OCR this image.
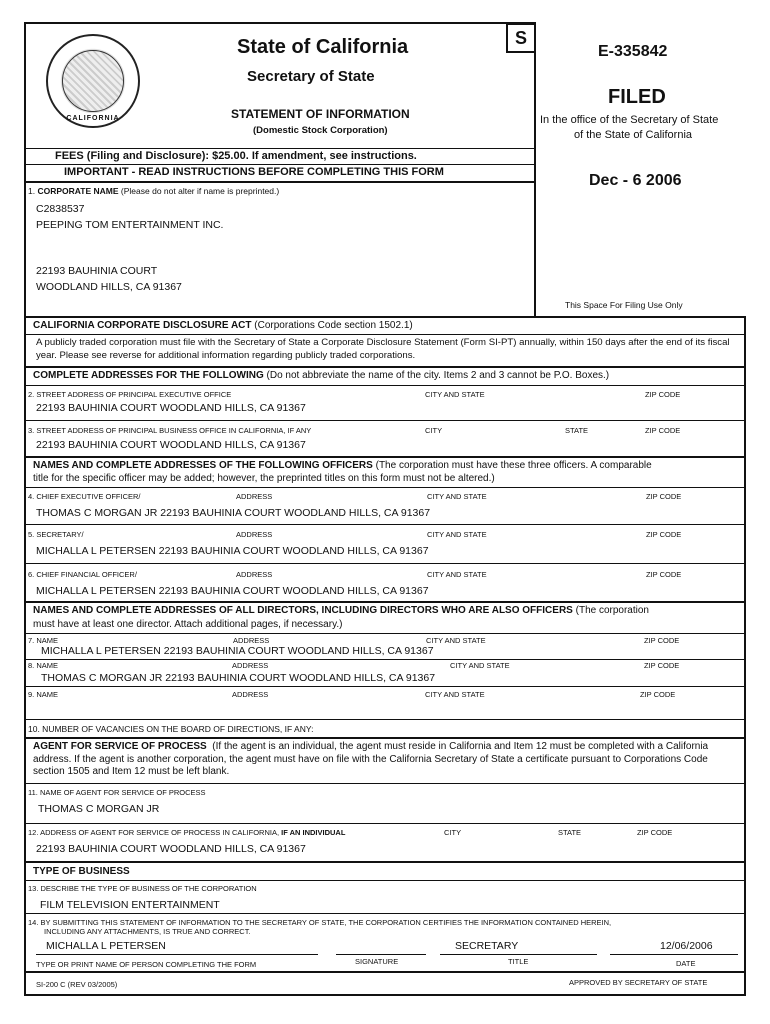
CALIFORNIA
State of California
Secretary of State
STATEMENT OF INFORMATION
(Domestic Stock Corporation)
S
E-335842
FILED
In the office of the Secretary of State
of the State of California
Dec - 6 2006
This Space For Filing Use Only
FEES (Filing and Disclosure): $25.00. If amendment, see instructions.
IMPORTANT - READ INSTRUCTIONS BEFORE COMPLETING THIS FORM
1. CORPORATE NAME (Please do not alter if name is preprinted.)
C2838537
PEEPING TOM ENTERTAINMENT INC.
22193 BAUHINIA COURT
WOODLAND HILLS, CA 91367
CALIFORNIA CORPORATE DISCLOSURE ACT (Corporations Code section 1502.1)
A publicly traded corporation must file with the Secretary of State a Corporate Disclosure Statement (Form SI-PT) annually, within 150 days after the end of its fiscal year. Please see reverse for additional information regarding publicly traded corporations.
COMPLETE ADDRESSES FOR THE FOLLOWING (Do not abbreviate the name of the city. Items 2 and 3 cannot be P.O. Boxes.)
2. STREET ADDRESS OF PRINCIPAL EXECUTIVE OFFICE	CITY AND STATE	ZIP CODE
22193 BAUHINIA COURT WOODLAND HILLS, CA 91367
3. STREET ADDRESS OF PRINCIPAL BUSINESS OFFICE IN CALIFORNIA, IF ANY	CITY	STATE	ZIP CODE
22193 BAUHINIA COURT WOODLAND HILLS, CA 91367
NAMES AND COMPLETE ADDRESSES OF THE FOLLOWING OFFICERS (The corporation must have these three officers. A comparable
title for the specific officer may be added; however, the preprinted titles on this form must not be altered.)
4. CHIEF EXECUTIVE OFFICER/	ADDRESS	CITY AND STATE	ZIP CODE
THOMAS C MORGAN JR 22193 BAUHINIA COURT WOODLAND HILLS, CA 91367
5. SECRETARY/	ADDRESS	CITY AND STATE	ZIP CODE
MICHALLA L PETERSEN 22193 BAUHINIA COURT WOODLAND HILLS, CA 91367
6. CHIEF FINANCIAL OFFICER/	ADDRESS	CITY AND STATE	ZIP CODE
MICHALLA L PETERSEN 22193 BAUHINIA COURT WOODLAND HILLS, CA 91367
NAMES AND COMPLETE ADDRESSES OF ALL DIRECTORS, INCLUDING DIRECTORS WHO ARE ALSO OFFICERS (The corporation
must have at least one director. Attach additional pages, if necessary.)
7. NAME	ADDRESS	CITY AND STATE	ZIP CODE
MICHALLA L PETERSEN 22193 BAUHINIA COURT WOODLAND HILLS, CA 91367
8. NAME	ADDRESS	CITY AND STATE	ZIP CODE
THOMAS C MORGAN JR 22193 BAUHINIA COURT WOODLAND HILLS, CA 91367
9. NAME	ADDRESS	CITY AND STATE	ZIP CODE
10. NUMBER OF VACANCIES ON THE BOARD OF DIRECTIONS, IF ANY:
AGENT FOR SERVICE OF PROCESS (If the agent is an individual, the agent must reside in California and Item 12 must be completed with a California address. If the agent is another corporation, the agent must have on file with the California Secretary of State a certificate pursuant to Corporations Code section 1505 and Item 12 must be left blank.
11. NAME OF AGENT FOR SERVICE OF PROCESS
THOMAS C MORGAN JR
12. ADDRESS OF AGENT FOR SERVICE OF PROCESS IN CALIFORNIA, IF AN INDIVIDUAL	CITY	STATE	ZIP CODE
22193 BAUHINIA COURT WOODLAND HILLS, CA 91367
TYPE OF BUSINESS
13. DESCRIBE THE TYPE OF BUSINESS OF THE CORPORATION
FILM TELEVISION ENTERTAINMENT
14. BY SUBMITTING THIS STATEMENT OF INFORMATION TO THE SECRETARY OF STATE, THE CORPORATION CERTIFIES THE INFORMATION CONTAINED HEREIN,
INCLUDING ANY ATTACHMENTS, IS TRUE AND CORRECT.
MICHALLA L PETERSEN	SECRETARY	12/06/2006
TYPE OR PRINT NAME OF PERSON COMPLETING THE FORM	SIGNATURE	TITLE	DATE
SI-200 C (REV 03/2005)	APPROVED BY SECRETARY OF STATE
